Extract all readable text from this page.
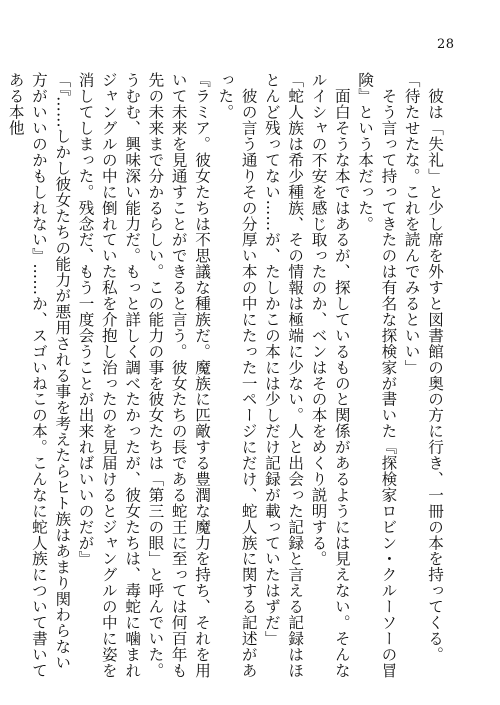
28

　彼は「失礼」と少し席を外すと図書館の奥の方に行き、一冊の本を持ってくる。

「待たせたな。これを読んでみるといい」

　そう言って持ってきたのは有名な探検家が書いた『探検家ロビン・クルーソーの冒険』という本だった。

　面白そうな本ではあるが、探しているものと関係があるようには見えない。そんなルイシャの不安を感じ取ったのか、ベンはその本をめくり説明する。

「蛇人族は希少種族、その情報は極端に少ない。人と出会った記録と言える記録はほとんど残ってない……が、たしかこの本には少しだけ記録が載っていたはずだ」

　彼の言う通りその分厚い本の中にたった一ページにだけ、蛇人族に関する記述があった。

『ラミア。彼女たちは不思議な種族だ。魔族に匹敵する豊潤な魔力を持ち、それを用いて未来を見通すことができると言う。彼女たちの長である蛇王に至っては何百年も先の未来まで分かるらしい。この能力の事を彼女たちは「第三の眼」と呼んでいた。うむむ、興味深い能力だ。もっと詳しく調べたかったが、彼女たちは、毒蛇に噛まれジャングルの中に倒れていた私を介抱し治ったのを見届けるとジャングルの中に姿を消してしまった。残念だ、もう一度会うことが出来ればいいのだが』

「『……しかし彼女たちの能力が悪用される事を考えたらヒト族はあまり関わらない方がいいのかもしれない』……か、スゴいねこの本。こんなに蛇人族について書いてある本他
